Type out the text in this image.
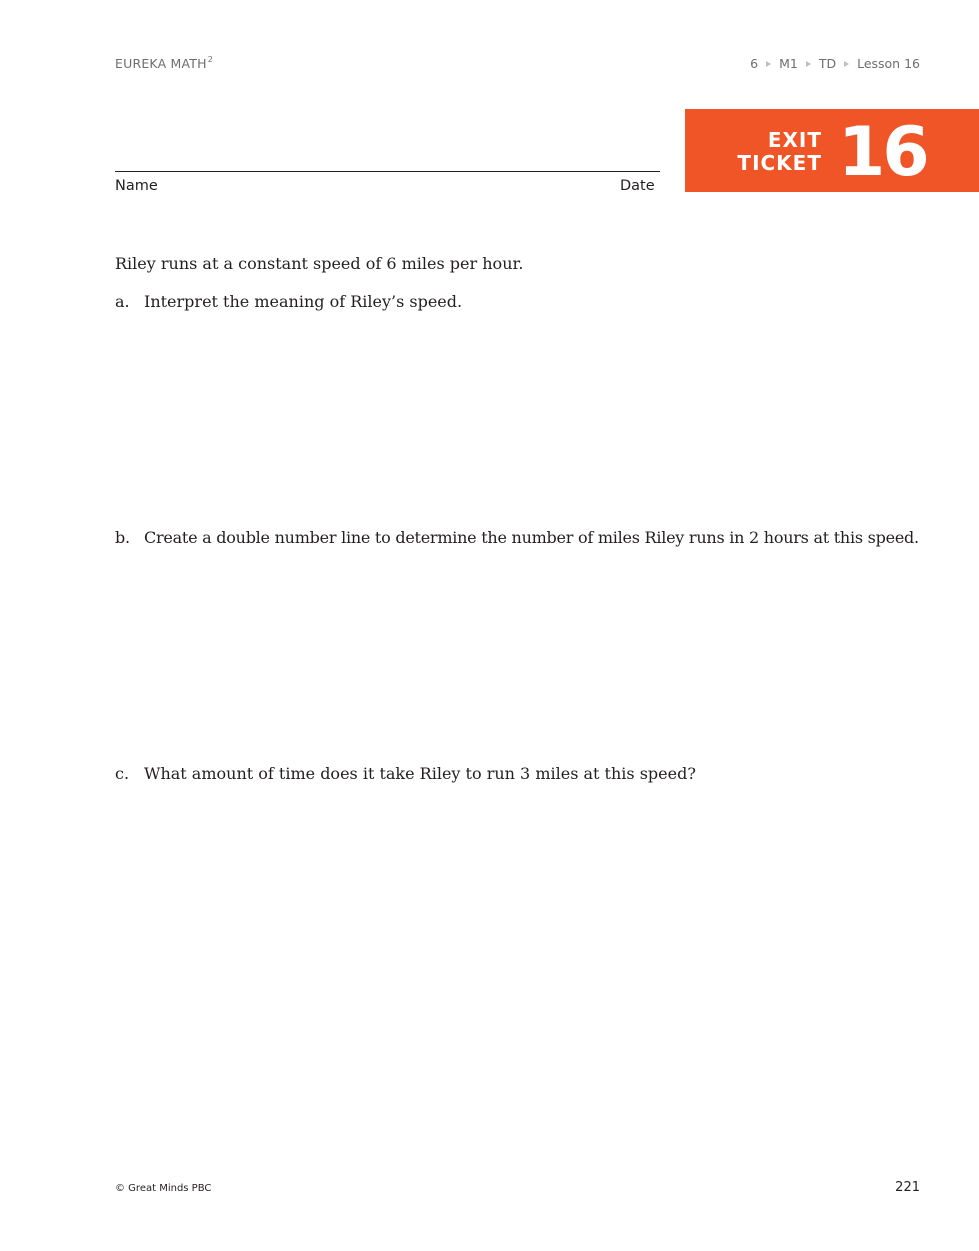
EUREKA MATH$^2$	6 M1 TD Lesson 16
Name	Date
EXIT
TICKET 16
Riley runs at a constant speed of 6 miles per hour.
a. Interpret the meaning of Riley’s speed.
b. Create a double number line to determine the number of miles Riley runs in 2 hours at this speed.
c. What amount of time does it take Riley to run 3 miles at this speed?
© Great Minds PBC	221
